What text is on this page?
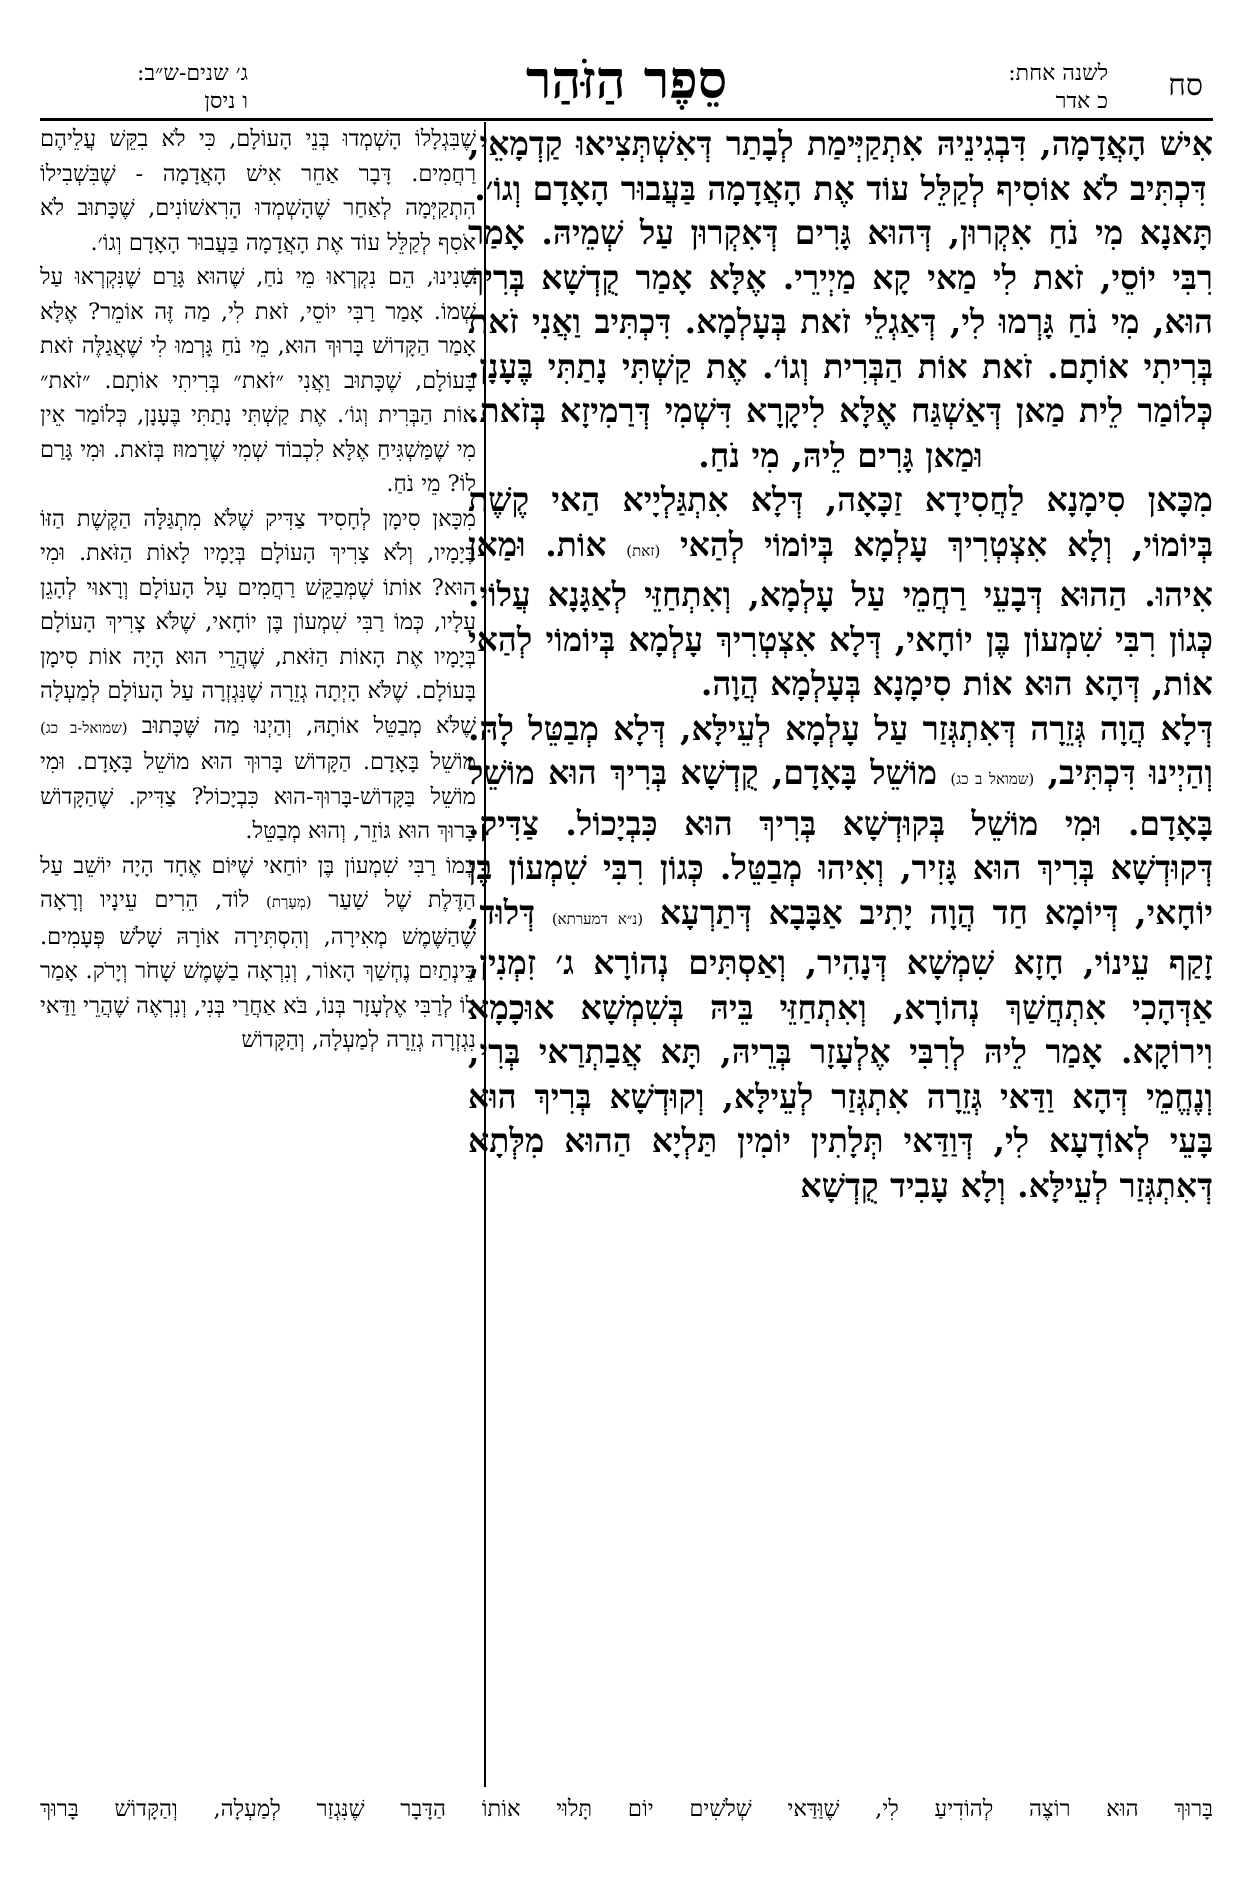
סח
לשנה אחת:
כ אדר
סֵפֶר הַזֹּהַר
ג׳ שנים-ש״ב:
ו ניסן

אִישׁ הָאֲדָמָה, דִּבְגִינֵיהּ אִתְקַיְּימַת לְבָתַר דְּאִשְׁתְּצִיאוּ קַדְמָאֵי, דִּכְתִּיב לֹא אוֹסִיף לְקַלֵּל עוֹד אֶת הָאֲדָמָה בַּעֲבוּר הָאָדָם וְגוֹ׳.

תָּאנָא מִי נֹחַ אִקְרוּן, דְּהוּא גָּרִים דְּאִקְרוּן עַל שְׁמֵיהּ. אָמַר רִבִּי יוֹסֵי, זֹאת לִי מַאי קָא מַיְירֵי. אֶלָּא אָמַר קֻדְשָׁא בְּרִיךְ הוּא, מִי נֹחַ גָּרְמוּ לִי, דְּאַגְלֵי זֹאת בְּעָלְמָא. דִּכְתִּיב וַאֲנִי זֹאת בְּרִיתִי אוֹתָם. זֹאת אוֹת הַבְּרִית וְגוֹ׳. אֶת קַשְׁתִּי נָתַתִּי בֶּעָנָן. כְּלוֹמַר לֵית מַאן דְּאַשְׁגַּח אֶלָּא לִיקָרָא דִּשְׁמִי דְּרַמִיזָא בְּזֹאת. וּמַאן גָּרִים לֵיהּ, מִי נֹחַ.

מִכָּאן סִימָנָא לַחֲסִידָא זַכָּאָה, דְּלָא אִתְגַּלְיָיא הַאי קֶשֶׁת בְּיוֹמוֹי, וְלָא אִצְטְרִיךְ עָלְמָא בְּיוֹמוֹי לְהַאי (זאת) אוֹת. וּמַאן אִיהוּ. הַהוּא דְּבָעֵי רַחֲמֵי עַל עָלְמָא, וְאִתְחַזֵּי לְאַגָּנָא עֲלוֹי. כְּגוֹן רִבִּי שִׁמְעוֹן בֶּן יוֹחָאי, דְּלָא אִצְטְרִיךְ עָלְמָא בְּיוֹמוֹי לְהַאי אוֹת, דְּהָא הוּא אוֹת סִימָנָא בְּעָלְמָא הֲוָה.

דְּלָא הֲוָה גְּזֵרָה דְּאִתְגְּזַר עַל עָלְמָא לְעֵילָּא, דְּלָא מְבַטֵּל לָהּ. וְהַיְינוּ דִּכְתִּיב, (שמואל ב כג) מוֹשֵׁל בָּאָדָם, קֻדְשָׁא בְּרִיךְ הוּא מוֹשֵׁל בָּאָדָם. וּמִי מוֹשֵׁל בְּקוּדְשָׁא בְּרִיךְ הוּא כִּבְיָכוֹל. צַדִּיק. דְּקוּדְשָׁא בְּרִיךְ הוּא גָּזִיר, וְאִיהוּ מְבַטֵּל. כְּגוֹן רִבִּי שִׁמְעוֹן בֶּן יוֹחָאי, דְּיוֹמָא חַד הֲוָה יָתִיב אַבָּבָא דְּתַרְעָא (נ״א דמערתא) דְּלוּד, זָקַף עֵינוֹי, חָזָא שִׁמְשָׁא דְּנָהִיר, וְאַסְתִּים נְהוֹרָא ג׳ זִמְנִין, אַדְּהָכִי אִתְחֲשַׁךְ נְהוֹרָא, וְאִתְחַזֵּי בֵּיהּ בְּשִׁמְשָׁא אוּכָמָא וִירוֹקָא. אָמַר לֵיהּ לְרִבִּי אֶלְעָזָר בְּרֵיהּ, תָּא אֲבַתְרַאי בְּרִי, וְנֶחֱמֵי דְּהָא וַדַּאי גְּזֵרָה אִתְגְּזַר לְעֵילָּא, וְקוּדְשָׁא בְּרִיךְ הוּא בָּעֵי לְאוֹדָעָא לִי, דְּוַדַּאי תְּלָתִין יוֹמִין תַּלְיָא הַהוּא מִלְּתָא דְּאִתְגְּזַר לְעֵילָּא. וְלָא עָבִיד קֻדְשָׁא

שֶׁבִּגְלָלוֹ הָשְׁמְדוּ בְּנֵי הָעוֹלָם, כִּי לֹא בִקֵּשׁ עֲלֵיהֶם רַחֲמִים. דָּבָר אַחֵר אִישׁ הָאֲדָמָה - שֶׁבִּשְׁבִילוֹ הִתְקַיְּמָה לְאַחַר שֶׁהָשְׁמְדוּ הָרִאשׁוֹנִים, שֶׁכָּתוּב לֹא אֹסִף לְקַלֵּל עוֹד אֶת הָאֲדָמָה בַּעֲבוּר הָאָדָם וְגוֹ׳.

שָׁנִינוּ, הֵם נִקְרְאוּ מֵי נֹחַ, שֶׁהוּא גָּרַם שֶׁנִּקְרְאוּ עַל שְׁמוֹ. אָמַר רַבִּי יוֹסֵי, זֹאת לִי, מַה זֶּה אוֹמֵר? אֶלָּא אָמַר הַקָּדוֹשׁ בָּרוּךְ הוּא, מֵי נֹחַ גָּרְמוּ לִי שֶׁאֲגַלֶּה זֹאת בָּעוֹלָם, שֶׁכָּתוּב וַאֲנִי ״זֹאת״ בְּרִיתִי אוֹתָם. ״זֹאת״ אוֹת הַבְּרִית וְגוֹ׳. אֶת קַשְׁתִּי נָתַתִּי בֶּעָנָן, כְּלוֹמַר אֵין מִי שֶׁמַּשְׁגִּיחַ אֶלָּא לִכְבוֹד שְׁמִי שֶׁרָמוּז בְּזֹאת. וּמִי גָּרַם לוֹ? מֵי נֹחַ.

מִכָּאן סִימָן לְחָסִיד צַדִּיק שֶׁלֹּא מִתְגַּלָּה הַקֶּשֶׁת הַזּוֹ בְּיָמָיו, וְלֹא צָרִיךְ הָעוֹלָם בְּיָמָיו לָאוֹת הַזֹּאת. וּמִי הוּא? אוֹתוֹ שֶׁמְּבַקֵּשׁ רַחֲמִים עַל הָעוֹלָם וְרָאוּי לְהָגֵן עָלָיו, כְּמוֹ רַבִּי שִׁמְעוֹן בֶּן יוֹחָאי, שֶׁלֹּא צָרִיךְ הָעוֹלָם בְּיָמָיו אֶת הָאוֹת הַזֹּאת, שֶׁהֲרֵי הוּא הָיָה אוֹת סִימָן בָּעוֹלָם. שֶׁלֹּא הָיְתָה גְזֵרָה שֶׁנִּגְזְרָה עַל הָעוֹלָם לְמַעְלָה שֶׁלֹּא מְבַטֵּל אוֹתָהּ, וְהַיְנוּ מַה שֶּׁכָּתוּב (שמואל-ב כג) מוֹשֵׁל בָּאָדָם. הַקָּדוֹשׁ בָּרוּךְ הוּא מוֹשֵׁל בָּאָדָם. וּמִי מוֹשֵׁל בַּקָּדוֹשׁ-בָּרוּךְ-הוּא כִּבְיָכוֹל? צַדִּיק. שֶׁהַקָּדוֹשׁ בָּרוּךְ הוּא גּוֹזֵר, וְהוּא מְבַטֵּל.

כְּמוֹ רַבִּי שִׁמְעוֹן בֶּן יוֹחַאי שֶׁיּוֹם אֶחָד הָיָה יוֹשֵׁב עַל הַדֶּלֶת שֶׁל שַׁעַר (מְעָרַת) לוֹד, הֵרִים עֵינָיו וְרָאָה שֶׁהַשֶּׁמֶשׁ מְאִירָה, וְהִסְתִּירָה אוֹרָהּ שָׁלֹשׁ פְּעָמִים. בֵּינְתַיִם נֶחְשַׁךְ הָאוֹר, וְנִרְאָה בַשֶּׁמֶשׁ שָׁחֹר וְיָרֹק. אָמַר לוֹ לְרַבִּי אֶלְעָזָר בְּנוֹ, בֹּא אַחֲרַי בְּנִי, וְנִרְאֶה שֶׁהֲרֵי וַדַּאי נִגְזְרָה גְזֵרָה לְמַעְלָה, וְהַקָּדוֹשׁ

בָּרוּךְ הוּא רוֹצֶה לְהוֹדִיעַ לִי, שֶׁוַּדַּאי שְׁלֹשִׁים יוֹם תָּלוּי אוֹתוֹ הַדָּבָר שֶׁנִּגְזַר לְמַעְלָה, וְהַקָּדוֹשׁ בָּרוּךְ
